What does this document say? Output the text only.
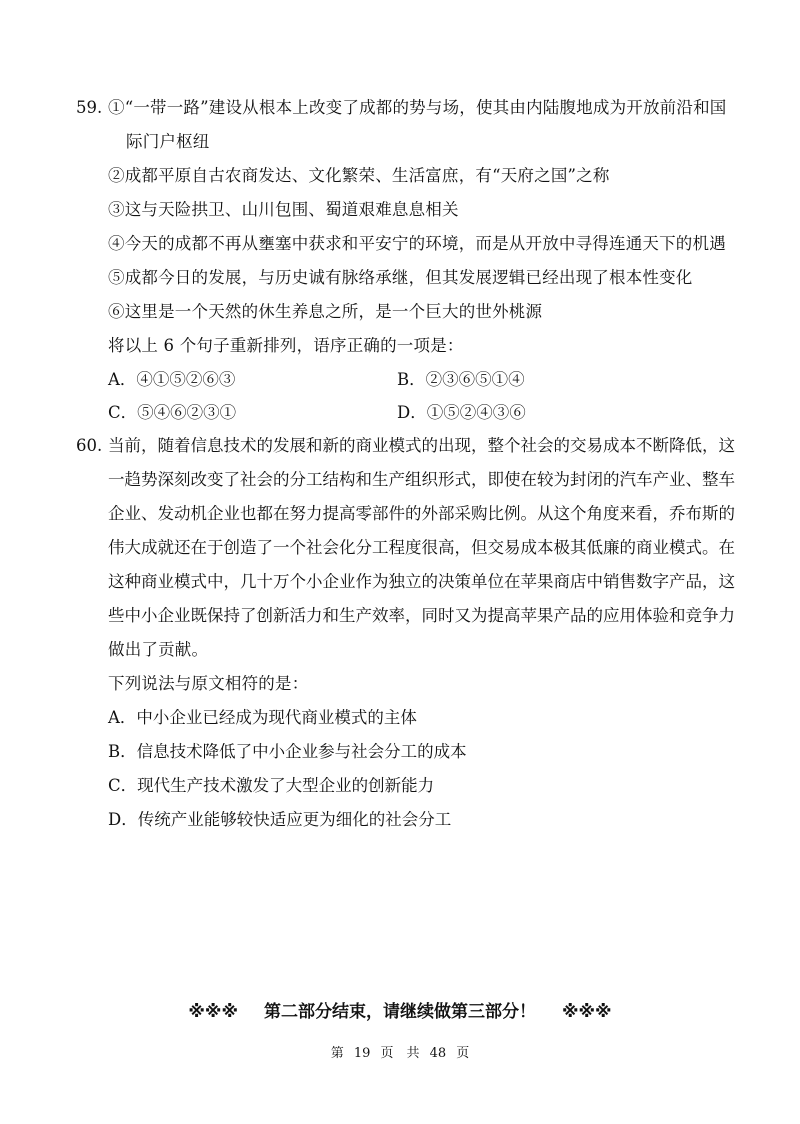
59. ①“一带一路”建设从根本上改变了成都的势与场，使其由内陆腹地成为开放前沿和国
际门户枢纽
②成都平原自古农商发达、文化繁荣、生活富庶，有“天府之国”之称
③这与天险拱卫、山川包围、蜀道艰难息息相关
④今天的成都不再从壅塞中获求和平安宁的环境，而是从开放中寻得连通天下的机遇
⑤成都今日的发展，与历史诚有脉络承继，但其发展逻辑已经出现了根本性变化
⑥这里是一个天然的休生养息之所，是一个巨大的世外桃源
将以上 6 个句子重新排列，语序正确的一项是：
A．④①⑤②⑥③	B．②③⑥⑤①④
C．⑤④⑥②③①	D．①⑤②④③⑥
60. 当前，随着信息技术的发展和新的商业模式的出现，整个社会的交易成本不断降低，这
一趋势深刻改变了社会的分工结构和生产组织形式，即使在较为封闭的汽车产业、整车
企业、发动机企业也都在努力提高零部件的外部采购比例。从这个角度来看，乔布斯的
伟大成就还在于创造了一个社会化分工程度很高，但交易成本极其低廉的商业模式。在
这种商业模式中，几十万个小企业作为独立的决策单位在苹果商店中销售数字产品，这
些中小企业既保持了创新活力和生产效率，同时又为提高苹果产品的应用体验和竞争力
做出了贡献。
下列说法与原文相符的是：
A．中小企业已经成为现代商业模式的主体
B．信息技术降低了中小企业参与社会分工的成本
C．现代生产技术激发了大型企业的创新能力
D．传统产业能够较快适应更为细化的社会分工
※※※ 第二部分结束，请继续做第三部分！ ※※※
第 19 页　共 48 页
